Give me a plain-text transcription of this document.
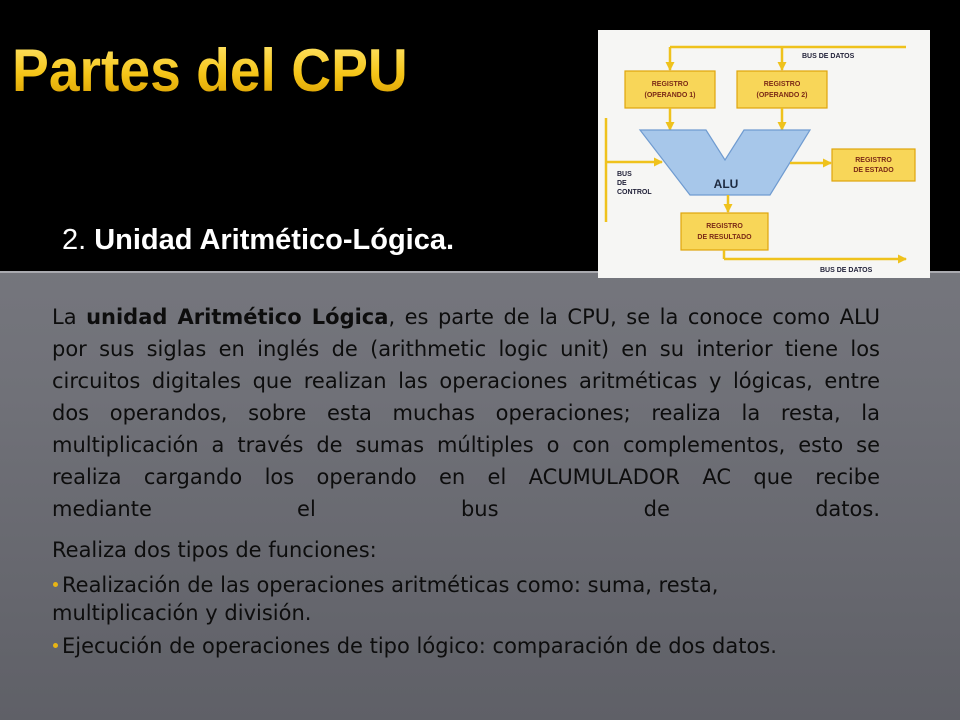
Partes del CPU
2. Unidad Aritmético-Lógica.
BUS DE DATOS
REGISTRO
(OPERANDO 1)
REGISTRO
(OPERANDO 2)
ALU
BUS
DE
CONTROL
REGISTRO
DE ESTADO
REGISTRO
DE RESULTADO
BUS DE DATOS
La unidad Aritmético Lógica, es parte de la CPU, se la conoce como ALU
por sus siglas en inglés de (arithmetic logic unit) en su interior tiene los
circuitos digitales que realizan las operaciones aritméticas y lógicas, entre
dos operandos, sobre esta muchas operaciones; realiza la resta, la
multiplicación a través de sumas múltiples o con complementos, esto se
realiza cargando los operando en el ACUMULADOR AC que recibe
mediante el bus de datos.
Realiza dos tipos de funciones:
Realización de las operaciones aritméticas como: suma, resta,
multiplicación y división.
Ejecución de operaciones de tipo lógico: comparación de dos datos.
